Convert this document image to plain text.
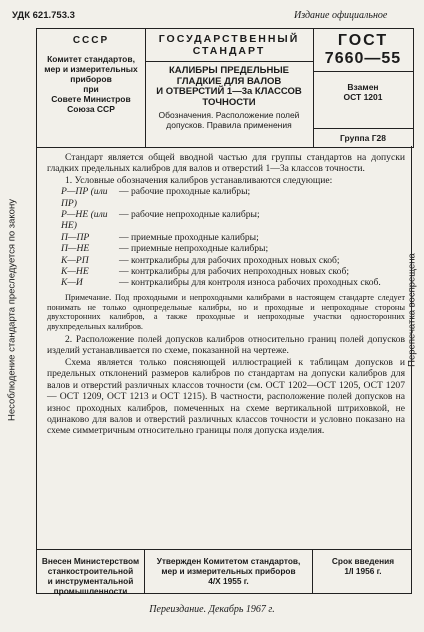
УДК 621.753.3	Издание официальное
Несоблюдение стандарта преследуется по закону	Перепечатка воспрещена
СССР
Комитет стандартов,
мер и измерительных
приборов
при
Совете Министров
Союза ССР
ГОСУДАРСТВЕННЫЙ
СТАНДАРТ
КАЛИБРЫ ПРЕДЕЛЬНЫЕ
ГЛАДКИЕ ДЛЯ ВАЛОВ
И ОТВЕРСТИЙ 1—3а КЛАССОВ
ТОЧНОСТИ
Обозначения. Расположение полей
допусков. Правила применения
ГОСТ
7660—55
Взамен
ОСТ 1201
Группа Г28

Стандарт является общей вводной частью для группы стандартов на допуски гладких предельных калибров для валов и отверстий 1—3а классов точности.

1. Условные обозначения калибров устанавливаются следующие:

Р—ПР (или ПР)
— рабочие проходные калибры;
Р—НЕ (или НЕ)
— рабочие непроходные калибры;
П—ПР	— приемные проходные калибры;
П—НЕ	— приемные непроходные калибры;
К—РП	— контркалибры для рабочих проходных новых скоб;
К—НЕ	— контркалибры для рабочих непроходных новых скоб;
К—И	— контркалибры для контроля износа рабочих проходных скоб.

Примечание. Под проходными и непроходными калибрами в настоящем стандарте следует понимать не только однопредельные калибры, но и проходные и непроходные стороны двухсторонних калибров, а также проходные и непроходные участки односторонних двухпредельных калибров.

2. Расположение полей допусков калибров относительно границ полей допусков изделий устанавливается по схеме, показанной на чертеже.

Схема является только поясняющей иллюстрацией к таблицам допусков и предельных отклонений размеров калибров по стандартам на допуски калибров для валов и отверстий различных классов точности (см. ОСТ 1202—ОСТ 1205, ОСТ 1207 — ОСТ 1209, ОСТ 1213 и ОСТ 1215). В частности, расположение полей допусков на износ проходных калибров, помеченных на схеме вертикальной штриховкой, не одинаково для валов и отверстий различных классов точности и условно показано на схеме симметричным относительно границы поля допуска изделия.

Внесен Министерством
станкостроительной
и инструментальной
промышленности
Утвержден Комитетом стандартов,
мер и измерительных приборов
4/Х 1955 г.
Срок введения
1/I 1956 г.
Переиздание. Декабрь 1967 г.
